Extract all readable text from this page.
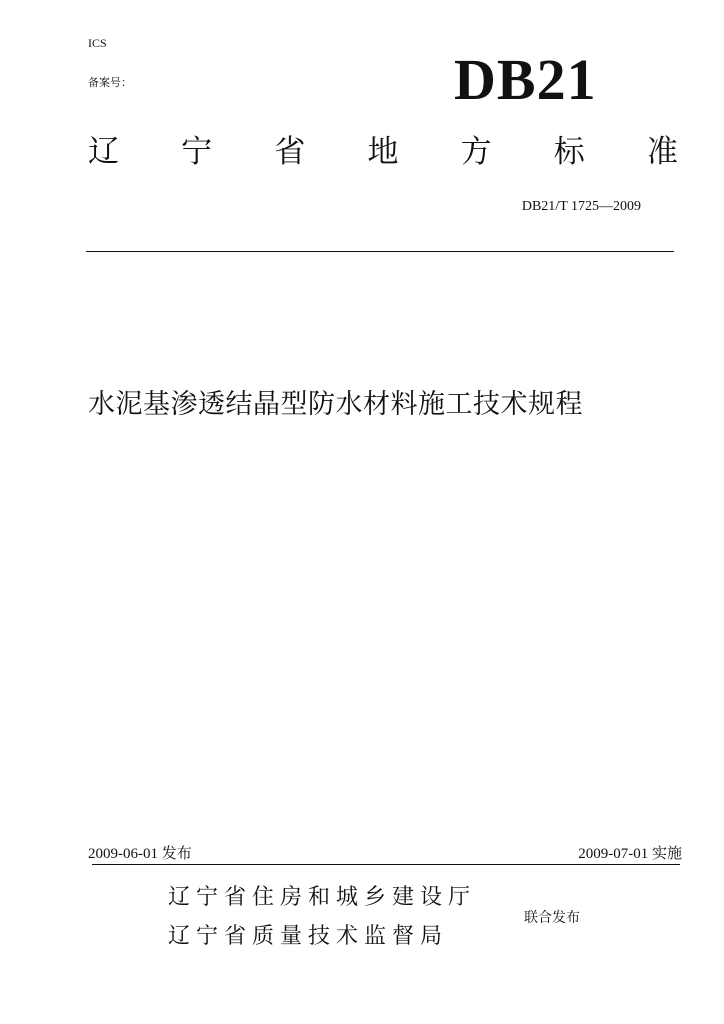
ICS
备案号：	DB21
辽 宁 省 地 方 标 准
DB21/T 1725—2009
水泥基渗透结晶型防水材料施工技术规程
2009-06-01 发布	2009-07-01 实施
辽宁省住房和城乡建设厅
辽宁省质量技术监督局
联合发布
